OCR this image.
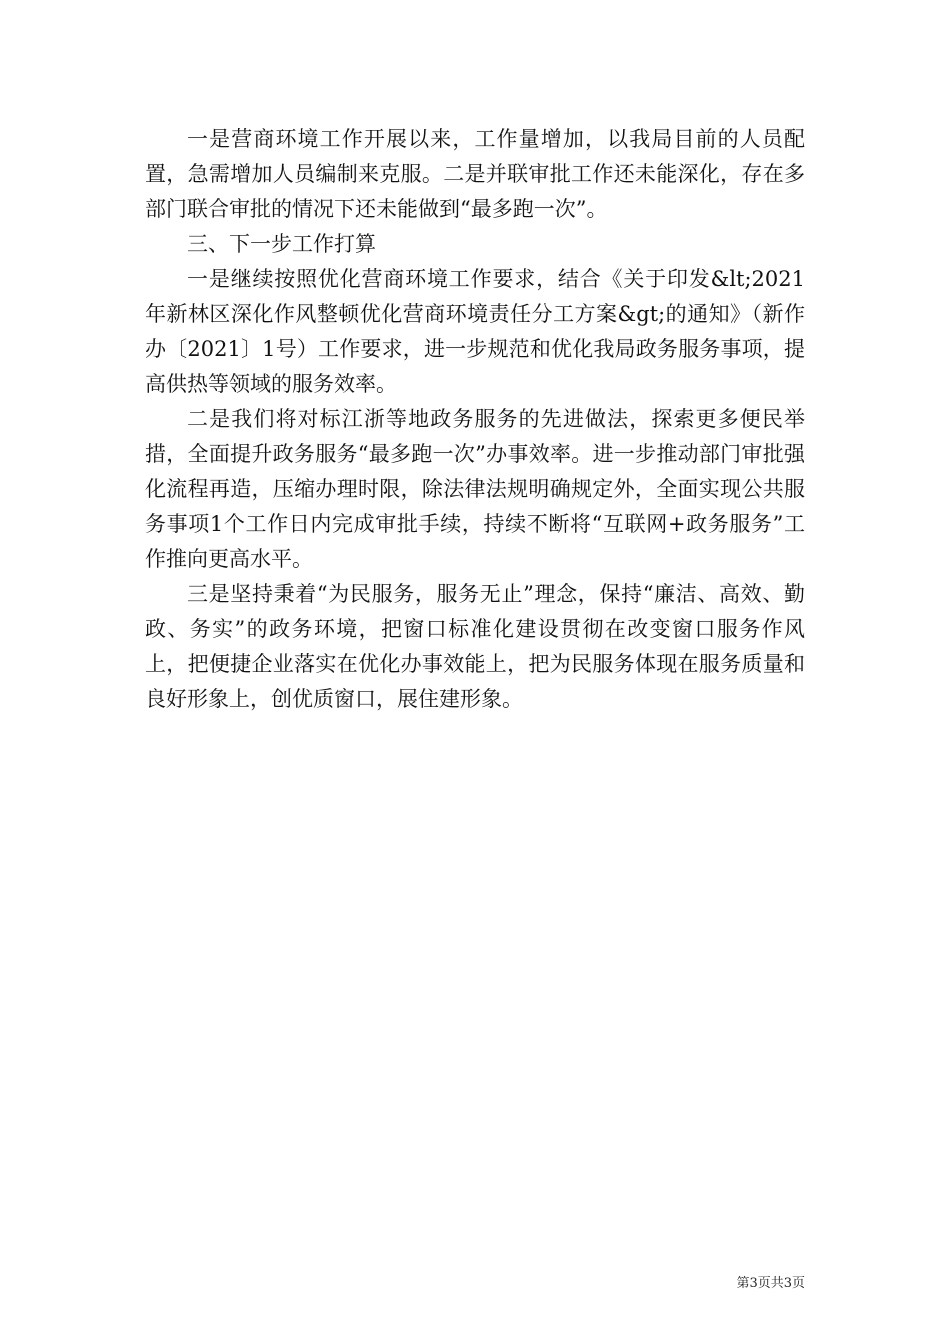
一是营商环境工作开展以来，工作量增加，以我局目前的人员配置，急需增加人员编制来克服。二是并联审批工作还未能深化，存在多部门联合审批的情况下还未能做到“最多跑一次”。

三、下一步工作打算

一是继续按照优化营商环境工作要求，结合《关于印发&lt;2021年新林区深化作风整顿优化营商环境责任分工方案&gt;的通知》（新作办〔2021〕1号）工作要求，进一步规范和优化我局政务服务事项，提高供热等领域的服务效率。

二是我们将对标江浙等地政务服务的先进做法，探索更多便民举措，全面提升政务服务“最多跑一次”办事效率。进一步推动部门审批强化流程再造，压缩办理时限，除法律法规明确规定外，全面实现公共服务事项1个工作日内完成审批手续，持续不断将“互联网+政务服务”工作推向更高水平。

三是坚持秉着“为民服务，服务无止”理念，保持“廉洁、高效、勤政、务实”的政务环境，把窗口标准化建设贯彻在改变窗口服务作风上，把便捷企业落实在优化办事效能上，把为民服务体现在服务质量和良好形象上，创优质窗口，展住建形象。

第3页共3页
